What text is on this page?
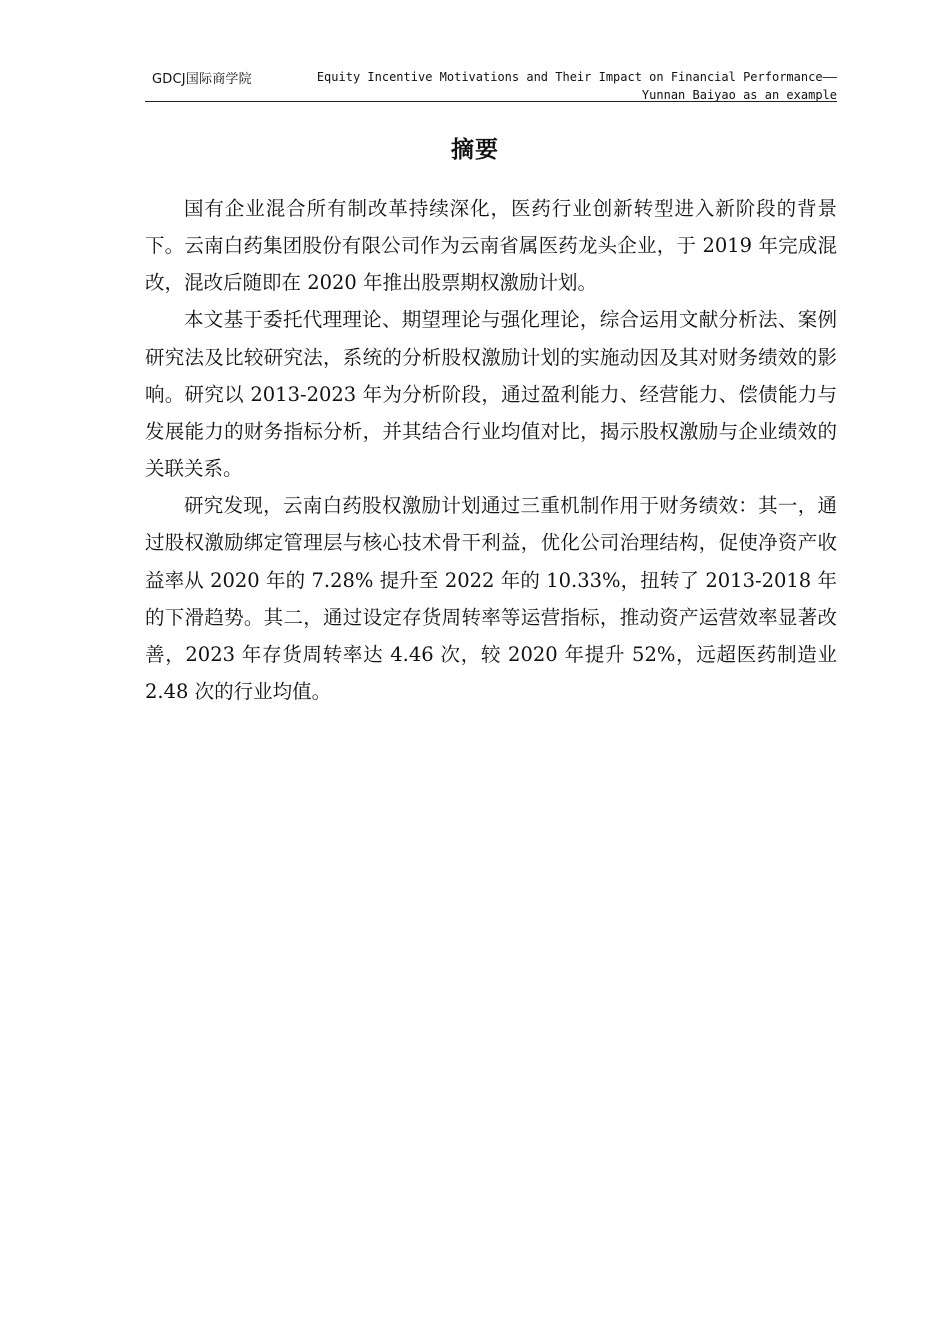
GDCJ国际商学院	Equity Incentive Motivations and Their Impact on Financial Performance——
Yunnan Baiyao as an example
摘要

国有企业混合所有制改革持续深化，医药行业创新转型进入新阶段的背景下。云南白药集团股份有限公司作为云南省属医药龙头企业，于 2019 年完成混改，混改后随即在 2020 年推出股票期权激励计划。

本文基于委托代理理论、期望理论与强化理论，综合运用文献分析法、案例研究法及比较研究法，系统的分析股权激励计划的实施动因及其对财务绩效的影响。研究以 2013-2023 年为分析阶段，通过盈利能力、经营能力、偿债能力与发展能力的财务指标分析，并其结合行业均值对比，揭示股权激励与企业绩效的关联关系。

研究发现，云南白药股权激励计划通过三重机制作用于财务绩效：其一，通过股权激励绑定管理层与核心技术骨干利益，优化公司治理结构，促使净资产收益率从 2020 年的 7.28% 提升至 2022 年的 10.33%，扭转了 2013-2018 年的下滑趋势。其二，通过设定存货周转率等运营指标，推动资产运营效率显著改善，2023 年存货周转率达 4.46 次，较 2020 年提升 52%，远超医药制造业 2.48 次的行业均值。
